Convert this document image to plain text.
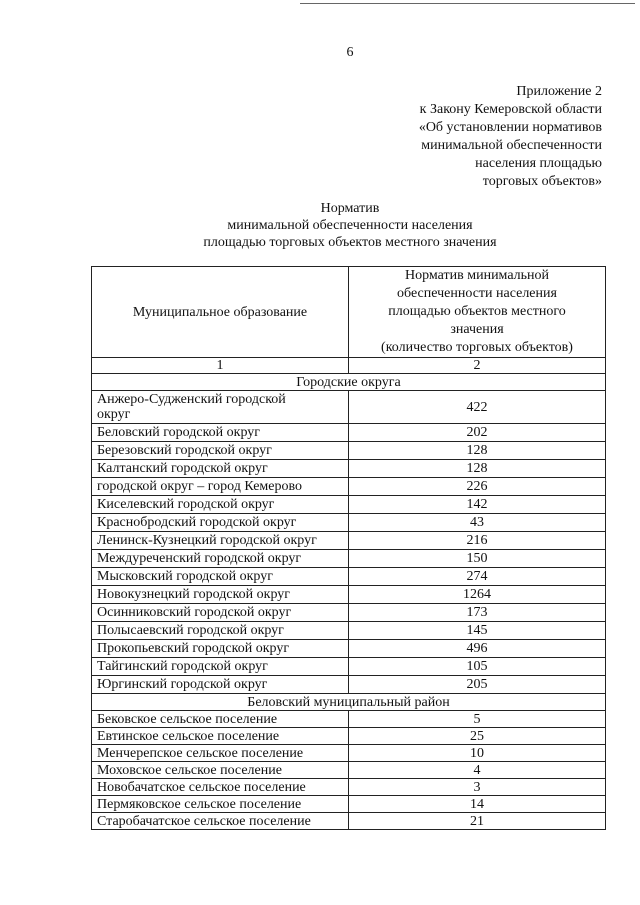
6
Приложение 2
к Закону Кемеровской области
«Об установлении нормативов
минимальной обеспеченности
населения площадью
торговых объектов»
Норматив
минимальной обеспеченности населения
площадью торговых объектов местного значения
Муниципальное образование	Норматив минимальной
обеспеченности населения
площадью объектов местного
значения
(количество торговых объектов)

1	2
Городские округа	

Анжеро-Судженский городской
округ	422
Беловский городской округ	202
Березовский городской округ	128
Калтанский городской округ	128
городской округ – город Кемерово	226
Киселевский городской округ	142
Краснобродский городской округ	43
Ленинск-Кузнецкий городской округ	216
Междуреченский городской округ	150
Мысковский городской округ	274
Новокузнецкий городской округ	1264
Осинниковский городской округ	173
Полысаевский городской округ	145
Прокопьевский городской округ	496
Тайгинский городской округ	105
Юргинский городской округ	205
Беловский муниципальный район	
Бековское сельское поселение	5
Евтинское сельское поселение	25
Менчерепское сельское поселение	10
Моховское сельское поселение	4
Новобачатское сельское поселение	3
Пермяковское сельское поселение	14
Старобачатское сельское поселение	21
